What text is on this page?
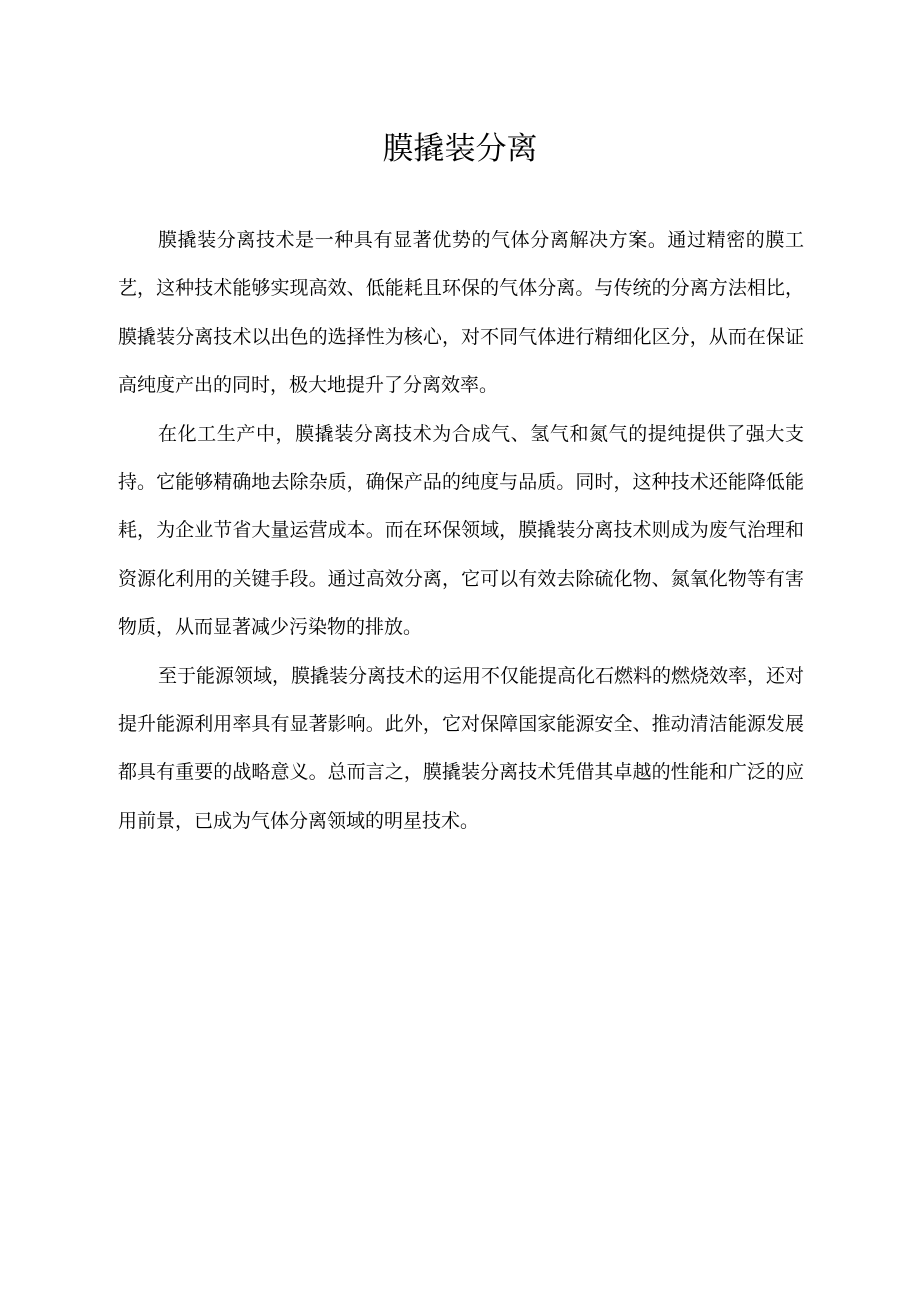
膜撬装分离

膜撬装分离技术是一种具有显著优势的气体分离解决方案。通过精密的膜工艺，这种技术能够实现高效、低能耗且环保的气体分离。与传统的分离方法相比，膜撬装分离技术以出色的选择性为核心，对不同气体进行精细化区分，从而在保证高纯度产出的同时，极大地提升了分离效率。

在化工生产中，膜撬装分离技术为合成气、氢气和氮气的提纯提供了强大支持。它能够精确地去除杂质，确保产品的纯度与品质。同时，这种技术还能降低能耗，为企业节省大量运营成本。而在环保领域，膜撬装分离技术则成为废气治理和资源化利用的关键手段。通过高效分离，它可以有效去除硫化物、氮氧化物等有害物质，从而显著减少污染物的排放。

至于能源领域，膜撬装分离技术的运用不仅能提高化石燃料的燃烧效率，还对提升能源利用率具有显著影响。此外，它对保障国家能源安全、推动清洁能源发展都具有重要的战略意义。总而言之，膜撬装分离技术凭借其卓越的性能和广泛的应用前景，已成为气体分离领域的明星技术。
